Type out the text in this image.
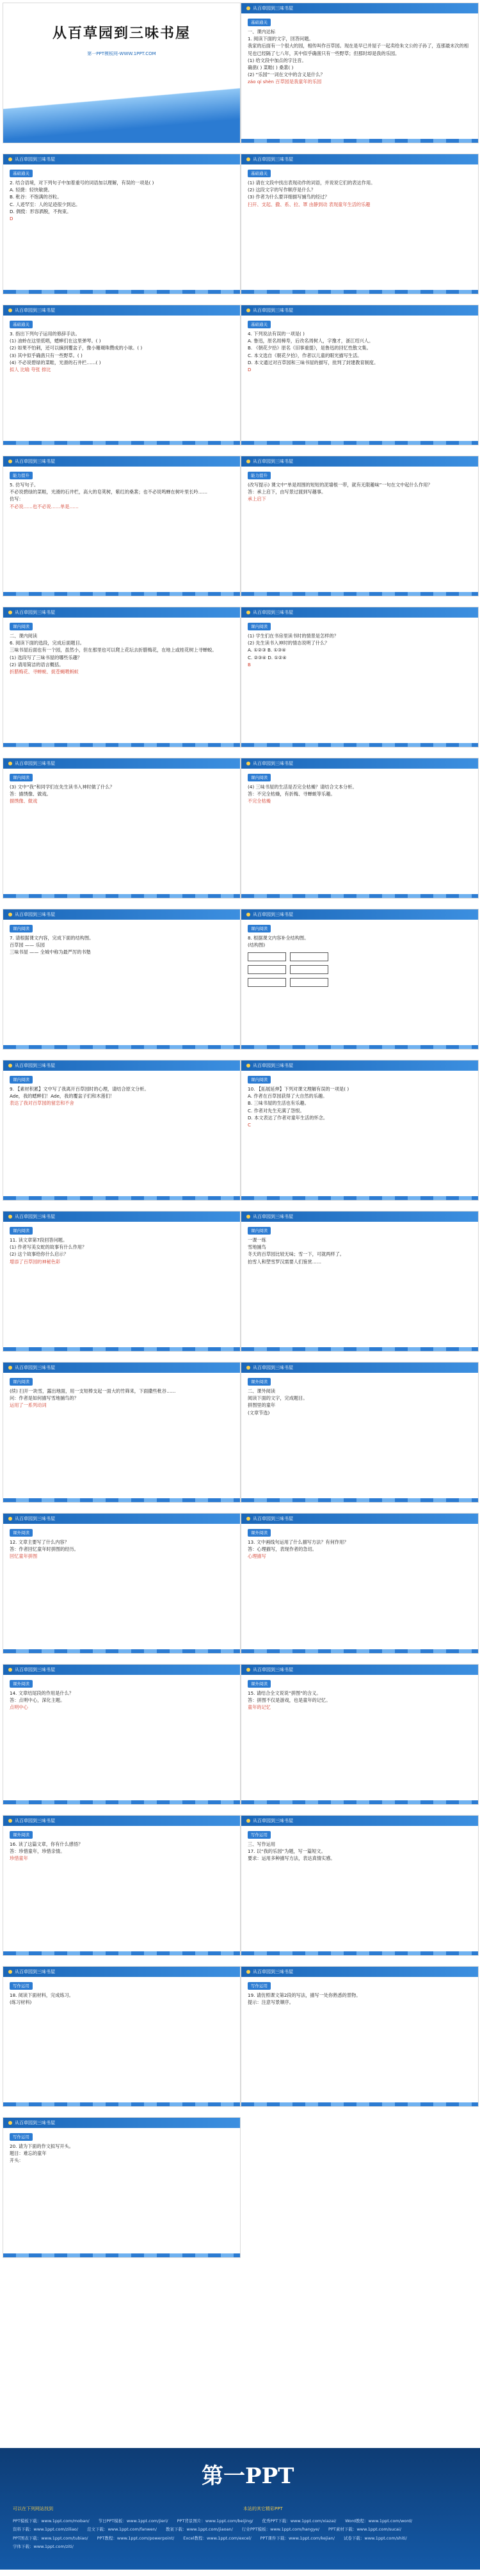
从百草园到三味书屋
第一PPT模板网-WWW.1PPT.COM
从百草园到三味书屋
基础通关
一、课内达标
1. 阅读下面的文字，回答问题。
我家的后面有一个很大的园，相传叫作百草园。现在是早已并屋子一起卖给朱文公的子孙了，连那最末次的相见也已经隔了七八年，其中似乎确凿只有一些野草；但那时却是我的乐园。
(1) 给文段中加点的字注音。
确凿( ) 菜畦( ) 桑葚( )
(2) “乐园”一词在文中的含义是什么？
záo qí shèn 百草园是我童年的乐园
从百草园到三味书屋
基础通关
2. 结合语境，对下列句子中加着重号的词语加以理解，有误的一项是( )
A. 轻捷：轻快敏捷。
B. 秕谷：不饱满的谷粒。
C. 人迹罕至：人的足迹很少到达。
D. 倜傥：形容洒脱，不拘束。
D
从百草园到三味书屋
基础通关
(1) 请在文段中找出表现动作的词语，并说说它们的表达作用。
(2) 这段文字的写作顺序是什么？
(3) 作者为什么要详细描写捕鸟的经过？
扫开、支起、撒、系、拉、罩 由静到动 表现童年生活的乐趣
从百草园到三味书屋
基础通关
3. 指出下列句子运用的修辞手法。
(1) 油蛉在这里低唱，蟋蟀们在这里弹琴。( )
(2) 如果不怕刺，还可以摘到覆盆子，像小珊瑚珠攒成的小球。( )
(3) 其中似乎确凿只有一些野草。( )
(4) 不必说碧绿的菜畦，光滑的石井栏……( )
拟人 比喻 夸张 排比
从百草园到三味书屋
基础通关
4. 下列说法有误的一项是( )
A. 鲁迅，原名周樟寿，后改名周树人，字豫才，浙江绍兴人。
B. 《朝花夕拾》原名《旧事重提》，是鲁迅的回忆性散文集。
C. 本文选自《朝花夕拾》，作者以儿童的眼光描写生活。
D. 本文通过对百草园和三味书屋的描写，批判了封建教育制度。
D
从百草园到三味书屋
能力提升
5. 仿写句子。
不必说碧绿的菜畦，光滑的石井栏，高大的皂荚树，紫红的桑葚；也不必说鸣蝉在树叶里长吟……
仿写：
不必说……也不必说……单是……
从百草园到三味书屋
能力提升
(改写提示) 课文中“单是周围的短短的泥墙根一带，就有无限趣味”一句在文中起什么作用？
答：承上启下，由写景过渡到写趣事。
承上启下
从百草园到三味书屋
课内阅读
二、课内阅读
6. 阅读下面的选段，完成后面题目。
三味书屋后面也有一个园，虽然小，但在那里也可以爬上花坛去折腊梅花，在地上或桂花树上寻蝉蜕。
(1) 选段写了三味书屋的哪些乐趣？
(2) 请用简洁的语言概括。
折腊梅花、寻蝉蜕、捉苍蝇喂蚂蚁
从百草园到三味书屋
课内阅读
(1) 学生们在书房里读书时的情景是怎样的？
(2) 先生读书入神时的情态说明了什么？
A. ①②③ B. ①③④
C. ②③④ D. ①②④
B
从百草园到三味书屋
课内阅读
(3) 文中“我”和同学们在先生读书入神时做了什么？
答：描绣像、做戏。
描绣像、做戏
从百草园到三味书屋
课内阅读
(4) 三味书屋的生活是否完全枯燥？请结合文本分析。
答：不完全枯燥，有折梅、寻蝉蜕等乐趣。
不完全枯燥
从百草园到三味书屋
课内阅读
7. 请根据课文内容，完成下面的结构图。
百草园 —— 乐园
三味书屋 —— 全城中称为最严厉的书塾
从百草园到三味书屋
课内阅读
8. 根据课文内容补全结构图。
(结构图)
从百草园到三味书屋
课内阅读
9. 【素材积累】文中写了我离开百草园时的心理，请结合原文分析。
Ade，我的蟋蟀们！Ade，我的覆盆子们和木莲们！
表达了我对百草园的留恋和不舍
从百草园到三味书屋
课内阅读
10. 【拓展延伸】下列对课文理解有误的一项是( )
A. 作者在百草园获得了大自然的乐趣。
B. 三味书屋的生活也有乐趣。
C. 作者对先生充满了怨恨。
D. 本文表达了作者对童年生活的怀念。
C
从百草园到三味书屋
课内阅读
11. 读文章第7段回答问题。
(1) 作者写美女蛇的故事有什么作用？
(2) 这个故事给你什么启示？
增添了百草园的神秘色彩
从百草园到三味书屋
课内阅读
一课一练
雪地捕鸟
冬天的百草园比较无味；雪一下，可就两样了。
拍雪人和塑雪罗汉需要人们鉴赏……
从百草园到三味书屋
课内阅读
(续) 扫开一块雪，露出地面，用一支短棒支起一面大的竹筛来，下面撒些秕谷……
问：作者是如何描写雪地捕鸟的？
运用了一系列动词
从百草园到三味书屋
课外阅读
二、课外阅读
阅读下面的文字，完成题目。
拼图里的童年
(文章节选)
从百草园到三味书屋
课外阅读
12. 文章主要写了什么内容？
答：作者回忆童年时拼图的经历。
回忆童年拼图
从百草园到三味书屋
课外阅读
13. 文中画线句运用了什么描写方法？有何作用？
答：心理描写，表现作者的急切。
心理描写
从百草园到三味书屋
课外阅读
14. 文章结尾段的作用是什么？
答：点明中心，深化主题。
点明中心
从百草园到三味书屋
课外阅读
15. 请结合全文说说“拼图”的含义。
答：拼图不仅是游戏，也是童年的记忆。
童年的记忆
从百草园到三味书屋
课外阅读
16. 读了这篇文章，你有什么感悟？
答：珍惜童年，珍惜亲情。
珍惜童年
从百草园到三味书屋
写作运用
三、写作运用
17. 以“我的乐园”为题，写一篇短文。
要求：运用多种描写方法，表达真情实感。
从百草园到三味书屋
写作运用
18. 阅读下面材料，完成练习。
(练习材料)
从百草园到三味书屋
写作运用
19. 请仿照课文第2段的写法，描写一处你熟悉的景物。
提示：注意写景顺序。
从百草园到三味书屋
写作运用
20. 请为下面的作文拟写开头。
题目：难忘的童年
开头：
第一PPT
可以在下列网站找到	本站的其它精彩PPT
PPT模板下载：www.1ppt.com/moban/ 节日PPT模板：www.1ppt.com/jieri/ PPT背景图片：www.1ppt.com/beijing/ 优秀PPT下载：www.1ppt.com/xiazai/ Word教程：www.1ppt.com/word/
资料下载：www.1ppt.com/ziliao/ 范文下载：www.1ppt.com/fanwen/ 教案下载：www.1ppt.com/jiaoan/ 行业PPT模板：www.1ppt.com/hangye/ PPT素材下载：www.1ppt.com/sucai/
PPT图表下载：www.1ppt.com/tubiao/ PPT教程：www.1ppt.com/powerpoint/ Excel教程：www.1ppt.com/excel/ PPT课件下载：www.1ppt.com/kejian/ 试卷下载：www.1ppt.com/shiti/
字体下载：www.1ppt.com/ziti/
